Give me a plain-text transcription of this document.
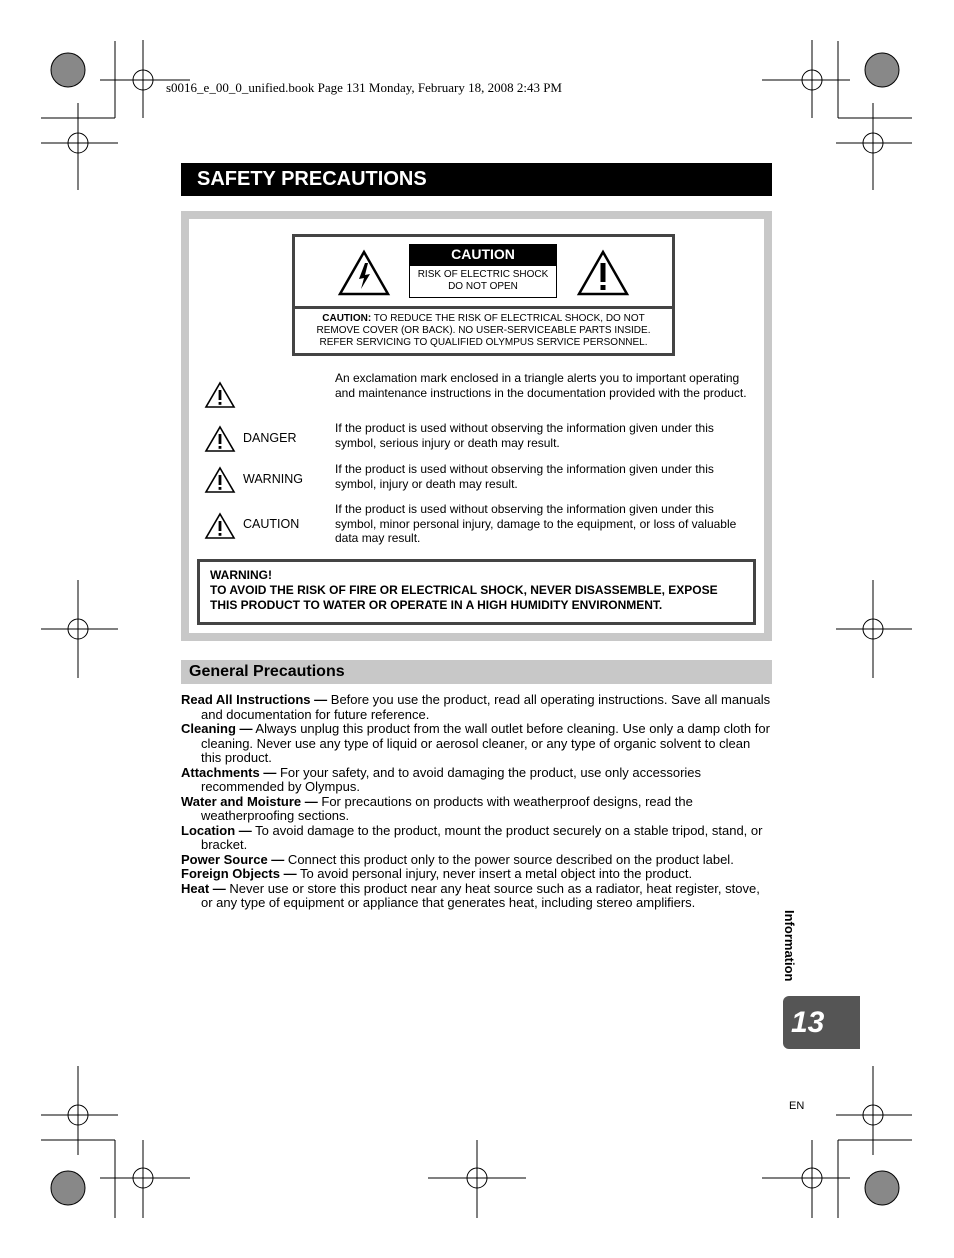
s0016_e_00_0_unified.book Page 131 Monday, February 18, 2008 2:43 PM
SAFETY PRECAUTIONS
CAUTION
RISK OF ELECTRIC SHOCK
DO NOT OPEN
CAUTION: TO REDUCE THE RISK OF ELECTRICAL SHOCK, DO NOT
REMOVE COVER (OR BACK). NO USER-SERVICEABLE PARTS INSIDE.
REFER SERVICING TO QUALIFIED OLYMPUS SERVICE PERSONNEL.
An exclamation mark enclosed in a triangle alerts you to important operating and maintenance instructions in the documentation provided with the product.
DANGER
If the product is used without observing the information given under this symbol, serious injury or death may result.
WARNING
If the product is used without observing the information given under this symbol, injury or death may result.
CAUTION
If the product is used without observing the information given under this symbol, minor personal injury, damage to the equipment, or loss of valuable data may result.
WARNING!
TO AVOID THE RISK OF FIRE OR ELECTRICAL SHOCK, NEVER DISASSEMBLE, EXPOSE THIS PRODUCT TO WATER OR OPERATE IN A HIGH HUMIDITY ENVIRONMENT.
General Precautions
Read All Instructions — Before you use the product, read all operating instructions. Save all manuals and documentation for future reference.
Cleaning — Always unplug this product from the wall outlet before cleaning. Use only a damp cloth for cleaning. Never use any type of liquid or aerosol cleaner, or any type of organic solvent to clean this product.
Attachments — For your safety, and to avoid damaging the product, use only accessories recommended by Olympus.
Water and Moisture — For precautions on products with weatherproof designs, read the weatherproofing sections.
Location — To avoid damage to the product, mount the product securely on a stable tripod, stand, or bracket.
Power Source — Connect this product only to the power source described on the product label.
Foreign Objects — To avoid personal injury, never insert a metal object into the product.
Heat — Never use or store this product near any heat source such as a radiator, heat register, stove, or any type of equipment or appliance that generates heat, including stereo amplifiers.
Information
13
EN
